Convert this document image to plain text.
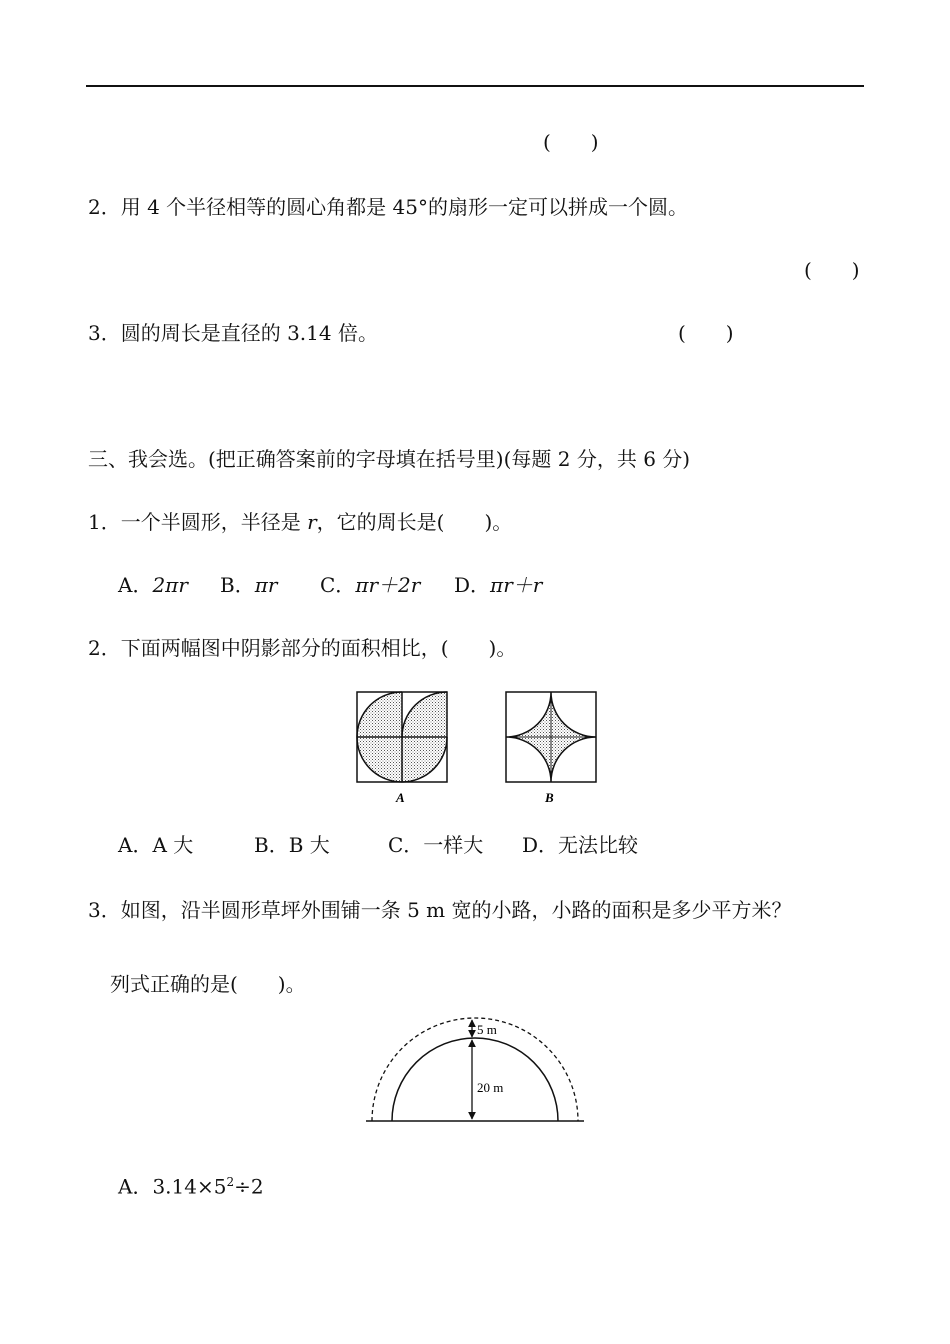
(　　)
2．用 4 个半径相等的圆心角都是 45°的扇形一定可以拼成一个圆。
(　　)
3．圆的周长是直径的 3.14 倍。	(　　)
三、我会选。(把正确答案前的字母填在括号里)(每题 2 分，共 6 分)
1．一个半圆形，半径是 r，它的周长是(　　)。
A．2πr B．πr C．πr＋2r D．πr＋r
2．下面两幅图中阴影部分的面积相比，(　　)。
A	B
A．A 大	B．B 大	C．一样大 D．无法比较
3．如图，沿半圆形草坪外围铺一条 5 m 宽的小路，小路的面积是多少平方米？
列式正确的是(　　)。
5 m
20 m
A．$3.14\times 5^2\div 2$
